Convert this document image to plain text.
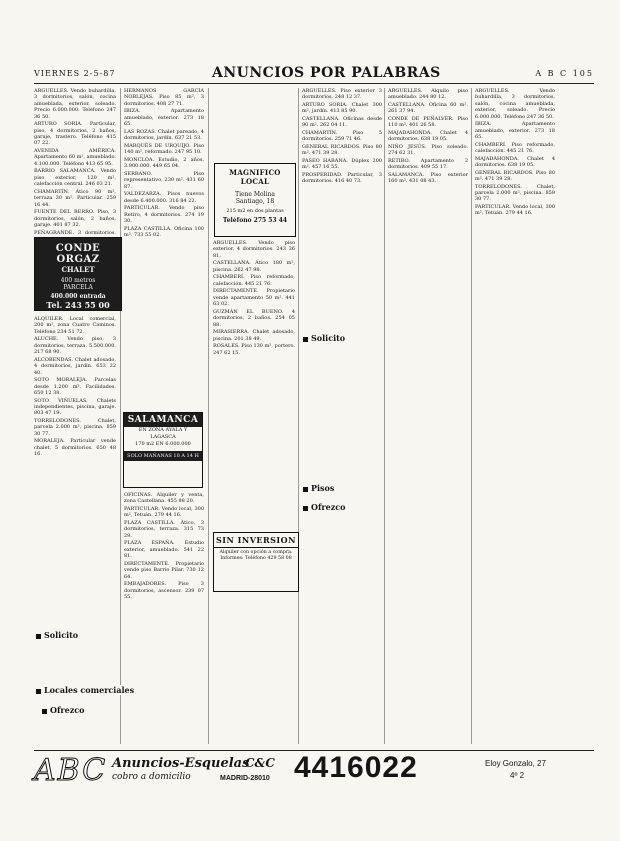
VIERNES 2-5-87	ANUNCIOS POR PALABRAS	A B C 105

ARGUELLES. Vendo buhardilla, 3 dormitorios, salón, cocina amueblada, exterior, soleado. Precio 6.000.000. Teléfono 247 36 50.

ARTURO SORIA. Particular, piso, 4 dormitorios, 2 baños, garaje, trastero. Teléfono 415 07 22.

AVENIDA AMÉRICA. Apartamento 60 m², amueblado. 4.100.000. Teléfono 413 65 95.

BARRIO SALAMANCA. Vendo piso exterior, 120 m², calefacción central. 246 03 21.

CHAMARTÍN. Ático 90 m², terraza 30 m². Particular. 259 16 44.

FUENTE DEL BERRO. Piso, 3 dormitorios, salón, 2 baños, garaje. 401 87 32.

PEÑAGRANDE. 3 dormitorios,

ALQUILER. Local comercial, 200 m², zona Cuatro Caminos. Teléfono 234 51 72.

ALUCHE. Vendo piso, 3 dormitorios, terraza. 5.500.000. 217 68 90.

ALCOBENDAS. Chalet adosado, 4 dormitorios, jardín. 653 22 40.

SOTO MORALEJA. Parcelas desde 1.200 m². Facilidades. 650 12 38.

SOTO VIÑUELAS. Chalets independientes, piscina, garaje. 803 47 19.

TORRELODONES. Chalet, parcela 2.000 m², piscina. 859 30 77.

MORALEJA. Particular vende chalet, 5 dormitorios. 650 48 16.

HERMANOS GARCÍA NOBLEJAS. Piso 85 m², 3 dormitorios. 408 27 71.

IBIZA. Apartamento amueblado, exterior. 273 18 65.

LAS ROZAS. Chalet pareado, 4 dormitorios, jardín. 637 21 53.

MARQUÉS DE URQUIJO. Piso 140 m², reformado. 247 95 10.

MONCLOA. Estudio, 2 años. 3.900.000. 449 65 04.

SERRANO. Piso representativo, 230 m². 431 60 87.

VALDEZARZA. Pisos nuevos desde 6.400.000. 316 84 22.

PARTICULAR. Vendo piso Retiro, 4 dormitorios. 274 19 30.

PLAZA CASTILLA. Oficina 100 m². 733 55 02.

OFICINAS. Alquiler y venta, zona Castellana. 455 88 20.

PARTICULAR. Vendo local, 300 m², Tetuán. 279 44 16.

PLAZA CASTILLA. Ático, 3 dormitorios, terraza. 315 73 29.

PLAZA ESPAÑA. Estudio exterior, amueblado. 541 22 81.

DIRECTAMENTE. Propietario vende piso Barrio Pilar. 730 12 64.

EMBAJADORES. Piso 3 dormitorios, ascensor. 239 07 55.

ARGUELLES. Vendo piso exterior, 4 dormitorios. 243 36 81.

CASTELLANA. Ático 180 m², piscina. 262 47 98.

CHAMBERÍ. Piso reformado, calefacción. 445 21 76.

DIRECTAMENTE. Propietario vende apartamento 50 m². 441 63 02.

GUZMÁN EL BUENO. 4 dormitorios, 2 baños. 254 05 88.

MIRASIERRA. Chalet adosado, piscina. 201 38 49.

ROSALES. Piso 130 m², portero. 247 62 15.

ARGUELLES. Piso exterior 3 dormitorios. 248 12 37.

ARTURO SORIA. Chalet 300 m², jardín. 413 85 90.

CASTELLANA. Oficinas desde 90 m². 262 04 11.

CHAMARTÍN. Piso 5 dormitorios. 259 71 46.

GENERAL RICARDOS. Piso 80 m². 471 39 28.

PASEO HABANA. Dúplex 200 m². 457 16 55.

PROSPERIDAD. Particular, 3 dormitorios. 416 40 73.

ARGUELLES. Alquilo piso amueblado. 244 80 12.

CASTELLANA. Oficina 60 m². 261 37 94.

CONDE DE PEÑALVER. Piso 110 m². 401 26 58.

MAJADAHONDA. Chalet 4 dormitorios. 638 19 05.

NIÑO JESÚS. Piso soleado. 274 62 31.

RETIRO. Apartamento 2 dormitorios. 409 55 17.

SALAMANCA. Piso exterior 160 m². 431 08 43.

ARGUELLES. Vendo buhardilla, 3 dormitorios, salón, cocina amueblada, exterior, soleado. Precio 6.000.000. Teléfono 247 36 50.

IBIZA. Apartamento amueblado, exterior. 273 18 65.

CHAMBERÍ. Piso reformado, calefacción. 445 21 76.

MAJADAHONDA. Chalet 4 dormitorios. 638 19 05.

GENERAL RICARDOS. Piso 80 m². 471 39 28.

TORRELODONES. Chalet, parcela 2.000 m², piscina. 859 30 77.

PARTICULAR. Vendo local, 300 m², Tetuán. 279 44 16.

Solicito
Locales comerciales
Ofrezco
Solicito
Pisos
Ofrezco
CONDE ORGAZ
CHALET
400 metros
PARCELA
400.000 entrada
Tel. 243 55 00
SALAMANCA
EN ZONA AYALA Y
LAGASCA
170 m2 EN 6.000.000
SOLO MAÑANAS 10 A 14 H
MAGNIFICO LOCAL
Tiene Molina
Santiago, 18
215 m2 en dos plantas
Teléfono 275 53 44
SIN INVERSION
Alquiler con opción a compra. Informes: Teléfono 429 58 08
ABC Anuncios-Esquelas
cobro a domicilio
C&C
MADRID-28010 4416022	Eloy Gonzalo, 27
4º 2
